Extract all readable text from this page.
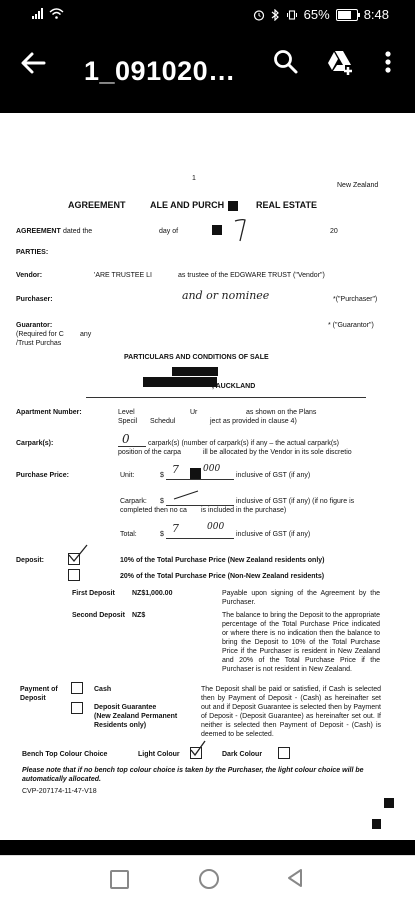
65%	8:48
1_091020…
1
New Zealand
AGREEMENT	ALE AND PURCH	REAL ESTATE
AGREEMENT dated the	day of	20
PARTIES:
Vendor:	'ARE TRUSTEE LI	as trustee of the EDGWARE TRUST ("Vendor")
Purchaser:	and or nominee	*("Purchaser")
Guarantor:
(Required for C any
/Trust Purchas
* ("Guarantor")
PARTICULARS AND CONDITIONS OF SALE
, AUCKLAND
Apartment Number:	Level	Ur	as shown on the Plans
Specil Schedul	ject as provided in clause 4)
Carpark(s):	0	carpark(s) (number of carpark(s) if any – the actual carpark(s)
position of the carpa	ill be allocated by the Vendor in its sole discretio
Purchase Price:	Unit:	$ 7	000
inclusive of GST (if any)
Carpark: $	inclusive of GST (if any) (if no figure is
completed then no ca is included in the purchase)
Total:	$ 7	000
inclusive of GST (if any)
Deposit:	10% of the Total Purchase Price (New Zealand residents only)
20% of the Total Purchase Price (Non-New Zealand residents)
First Deposit NZ$1,000.00	Payable upon signing of the Agreement by the Purchaser.
Second Deposit NZ$	The balance to bring the Deposit to the appropriate percentage of the Total Purchase Price indicated or where there is no indication then the balance to bring the Deposit to 10% of the Total Purchase Price if the Purchaser is resident in New Zealand and 20% of the Total Purchase Price if the Purchaser is not resident in New Zealand.
Payment of
Deposit
Cash
Deposit Guarantee
(New Zealand Permanent
Residents only)
The Deposit shall be paid or satisfied, if Cash is selected then by Payment of Deposit - (Cash) as hereinafter set out and if Deposit Guarantee is selected then by Payment of Deposit - (Deposit Guarantee) as hereinafter set out. If neither is selected then Payment of Deposit - (Cash) is deemed to be selected.
Bench Top Colour Choice	Light Colour	Dark Colour
Please note that if no bench top colour choice is taken by the Purchaser, the light colour choice will be
automatically allocated.
CVP-207174-11-47-V18
